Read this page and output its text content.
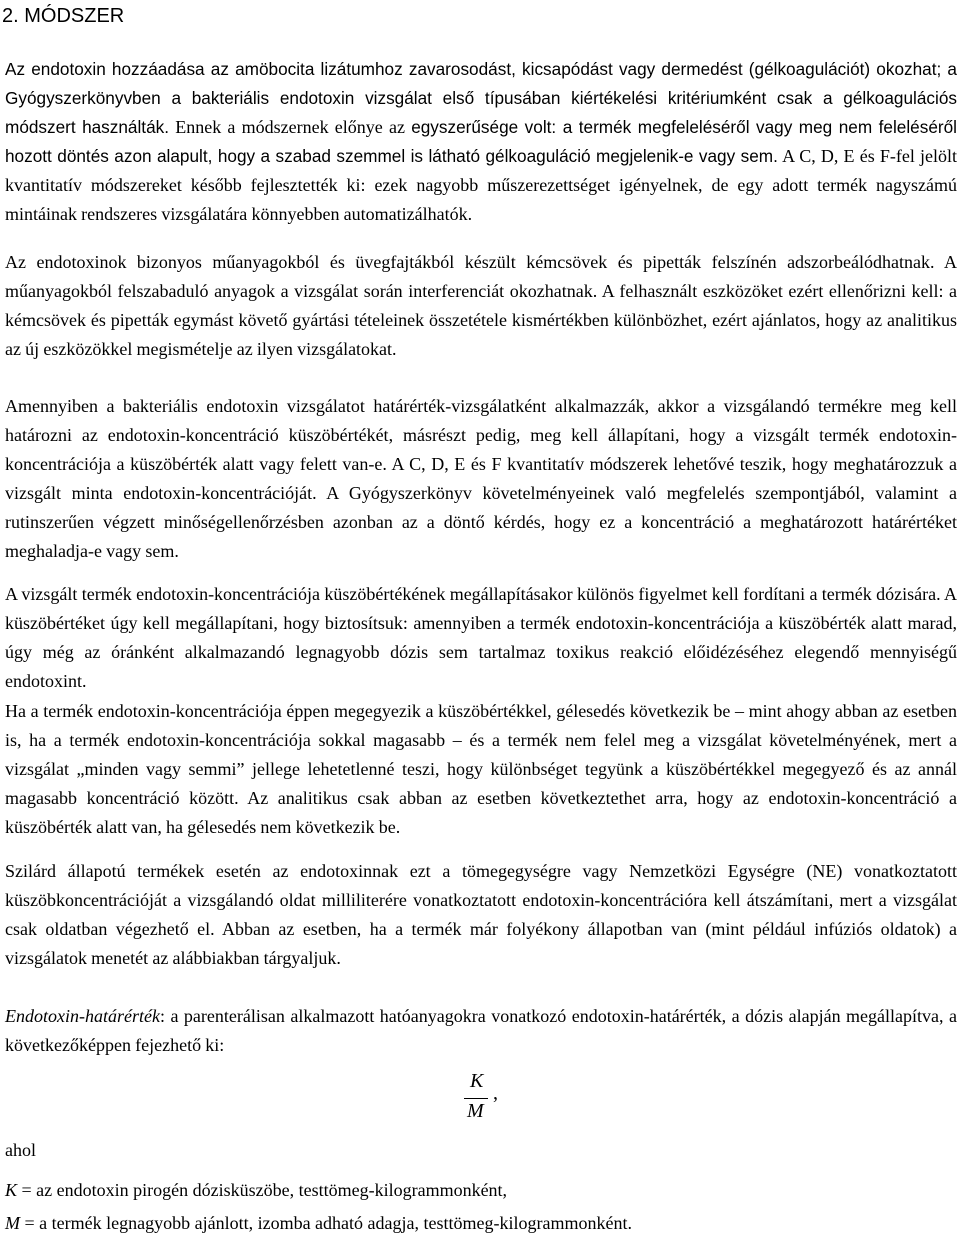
2. MÓDSZER

Az endotoxin hozzáadása az amöbocita lizátumhoz zavarosodást, kicsapódást vagy dermedést (gélkoagulációt) okozhat; a Gyógyszerkönyvben a bakteriális endotoxin vizsgálat első típusában kiértékelési kritériumként csak a gélkoagulációs módszert használták. Ennek a módszernek előnye az egyszerűsége volt: a termék megfeleléséről vagy meg nem feleléséről hozott döntés azon alapult, hogy a szabad szemmel is látható gélkoaguláció megjelenik-e vagy sem. A C, D, E és F-fel jelölt kvantitatív módszereket később fejlesztették ki: ezek nagyobb műszerezettséget igényelnek, de egy adott termék nagyszámú mintáinak rendszeres vizsgálatára könnyebben automatizálhatók.

Az endotoxinok bizonyos műanyagokból és üvegfajtákból készült kémcsövek és pipetták felszínén adszorbeálódhatnak. A műanyagokból felszabaduló anyagok a vizsgálat során interferenciát okozhatnak. A felhasznált eszközöket ezért ellenőrizni kell: a kémcsövek és pipetták egymást követő gyártási tételeinek összetétele kismértékben különbözhet, ezért ajánlatos, hogy az analitikus az új eszközökkel megismételje az ilyen vizsgálatokat.

Amennyiben a bakteriális endotoxin vizsgálatot határérték-vizsgálatként alkalmazzák, akkor a vizsgálandó termékre meg kell határozni az endotoxin-koncentráció küszöbértékét, másrészt pedig, meg kell állapítani, hogy a vizsgált termék endotoxin-koncentrációja a küszöbérték alatt vagy felett van-e. A C, D, E és F kvantitatív módszerek lehetővé teszik, hogy meghatározzuk a vizsgált minta endotoxin-koncentrációját. A Gyógyszerkönyv követelményeinek való megfelelés szempontjából, valamint a rutinszerűen végzett minőségellenőrzésben azonban az a döntő kérdés, hogy ez a koncentráció a meghatározott határértéket meghaladja-e vagy sem.

A vizsgált termék endotoxin-koncentrációja küszöbértékének megállapításakor különös figyelmet kell fordítani a termék dózisára. A küszöbértéket úgy kell megállapítani, hogy biztosítsuk: amennyiben a termék endotoxin-koncentrációja a küszöbérték alatt marad, úgy még az óránként alkalmazandó legnagyobb dózis sem tartalmaz toxikus reakció előidézéséhez elegendő mennyiségű endotoxint.

Ha a termék endotoxin-koncentrációja éppen megegyezik a küszöbértékkel, gélesedés következik be – mint ahogy abban az esetben is, ha a termék endotoxin-koncentrációja sokkal magasabb – és a termék nem felel meg a vizsgálat követelményének, mert a vizsgálat „minden vagy semmi” jellege lehetetlenné teszi, hogy különbséget tegyünk a küszöbértékkel megegyező és az annál magasabb koncentráció között. Az analitikus csak abban az esetben következtethet arra, hogy az endotoxin-koncentráció a küszöbérték alatt van, ha gélesedés nem következik be.

Szilárd állapotú termékek esetén az endotoxinnak ezt a tömegegységre vagy Nemzetközi Egységre (NE) vonatkoztatott küszöbkoncentrációját a vizsgálandó oldat milliliterére vonatkoztatott endotoxin-koncentrációra kell átszámítani, mert a vizsgálat csak oldatban végezhető el. Abban az esetben, ha a termék már folyékony állapotban van (mint például infúziós oldatok) a vizsgálatok menetét az alábbiakban tárgyaljuk.

Endotoxin-határérték: a parenterálisan alkalmazott hatóanyagokra vonatkozó endotoxin-határérték, a dózis alapján megállapítva, a következőképpen fejezhető ki:

K
M
,

ahol

K = az endotoxin pirogén dózisküszöbe, testtömeg-kilogrammonként,

M = a termék legnagyobb ajánlott, izomba adható adagja, testtömeg-kilogrammonként.
